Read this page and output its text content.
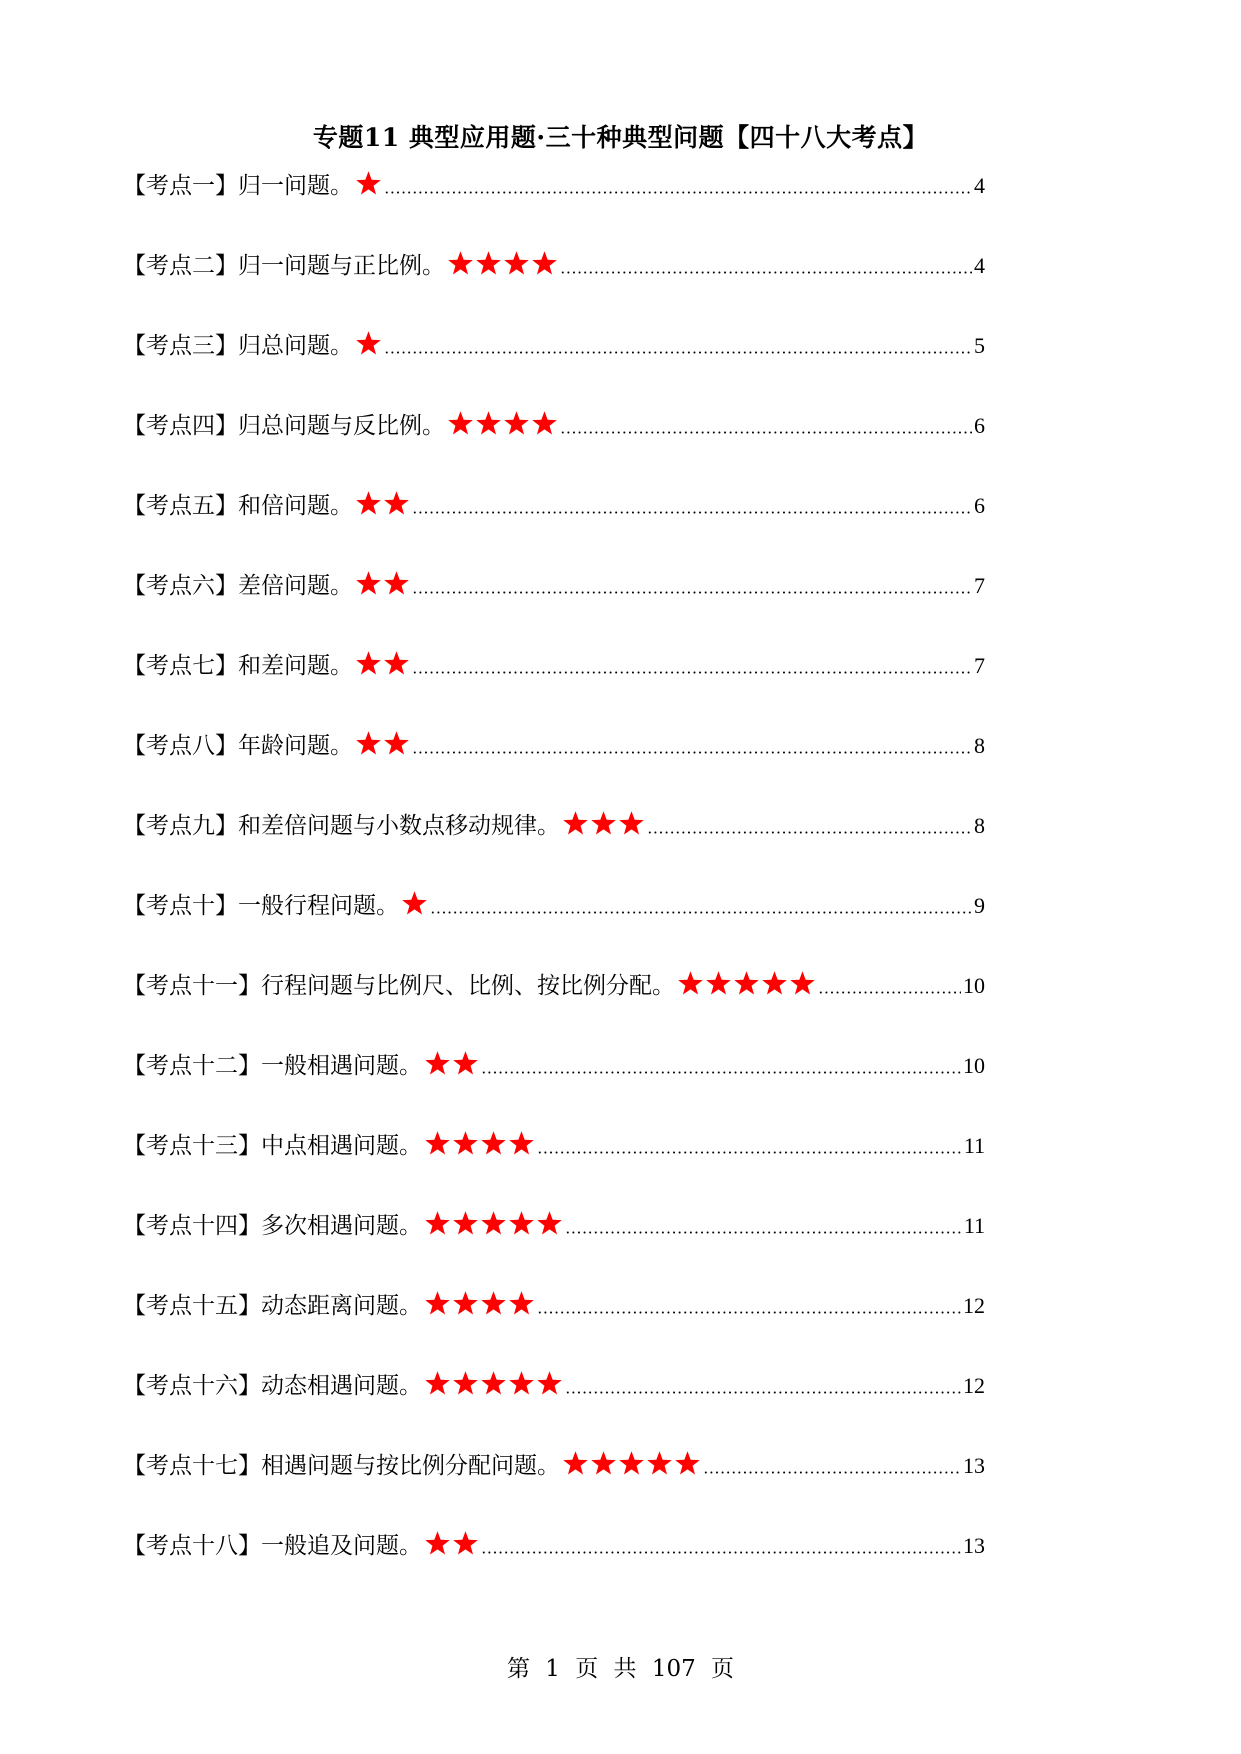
专题11 典型应用题·三十种典型问题【四十八大考点】
【考点一】归一问题。	4
【考点二】归一问题与正比例。	4
【考点三】归总问题。	5
【考点四】归总问题与反比例。	6
【考点五】和倍问题。	6
【考点六】差倍问题。	7
【考点七】和差问题。	7
【考点八】年龄问题。	8
【考点九】和差倍问题与小数点移动规律。	8
【考点十】一般行程问题。	9
【考点十一】行程问题与比例尺、比例、按比例分配。	10
【考点十二】一般相遇问题。	10
【考点十三】中点相遇问题。	11
【考点十四】多次相遇问题。	11
【考点十五】动态距离问题。	12
【考点十六】动态相遇问题。	12
【考点十七】相遇问题与按比例分配问题。	13
【考点十八】一般追及问题。	13
第 1 页 共 107 页
